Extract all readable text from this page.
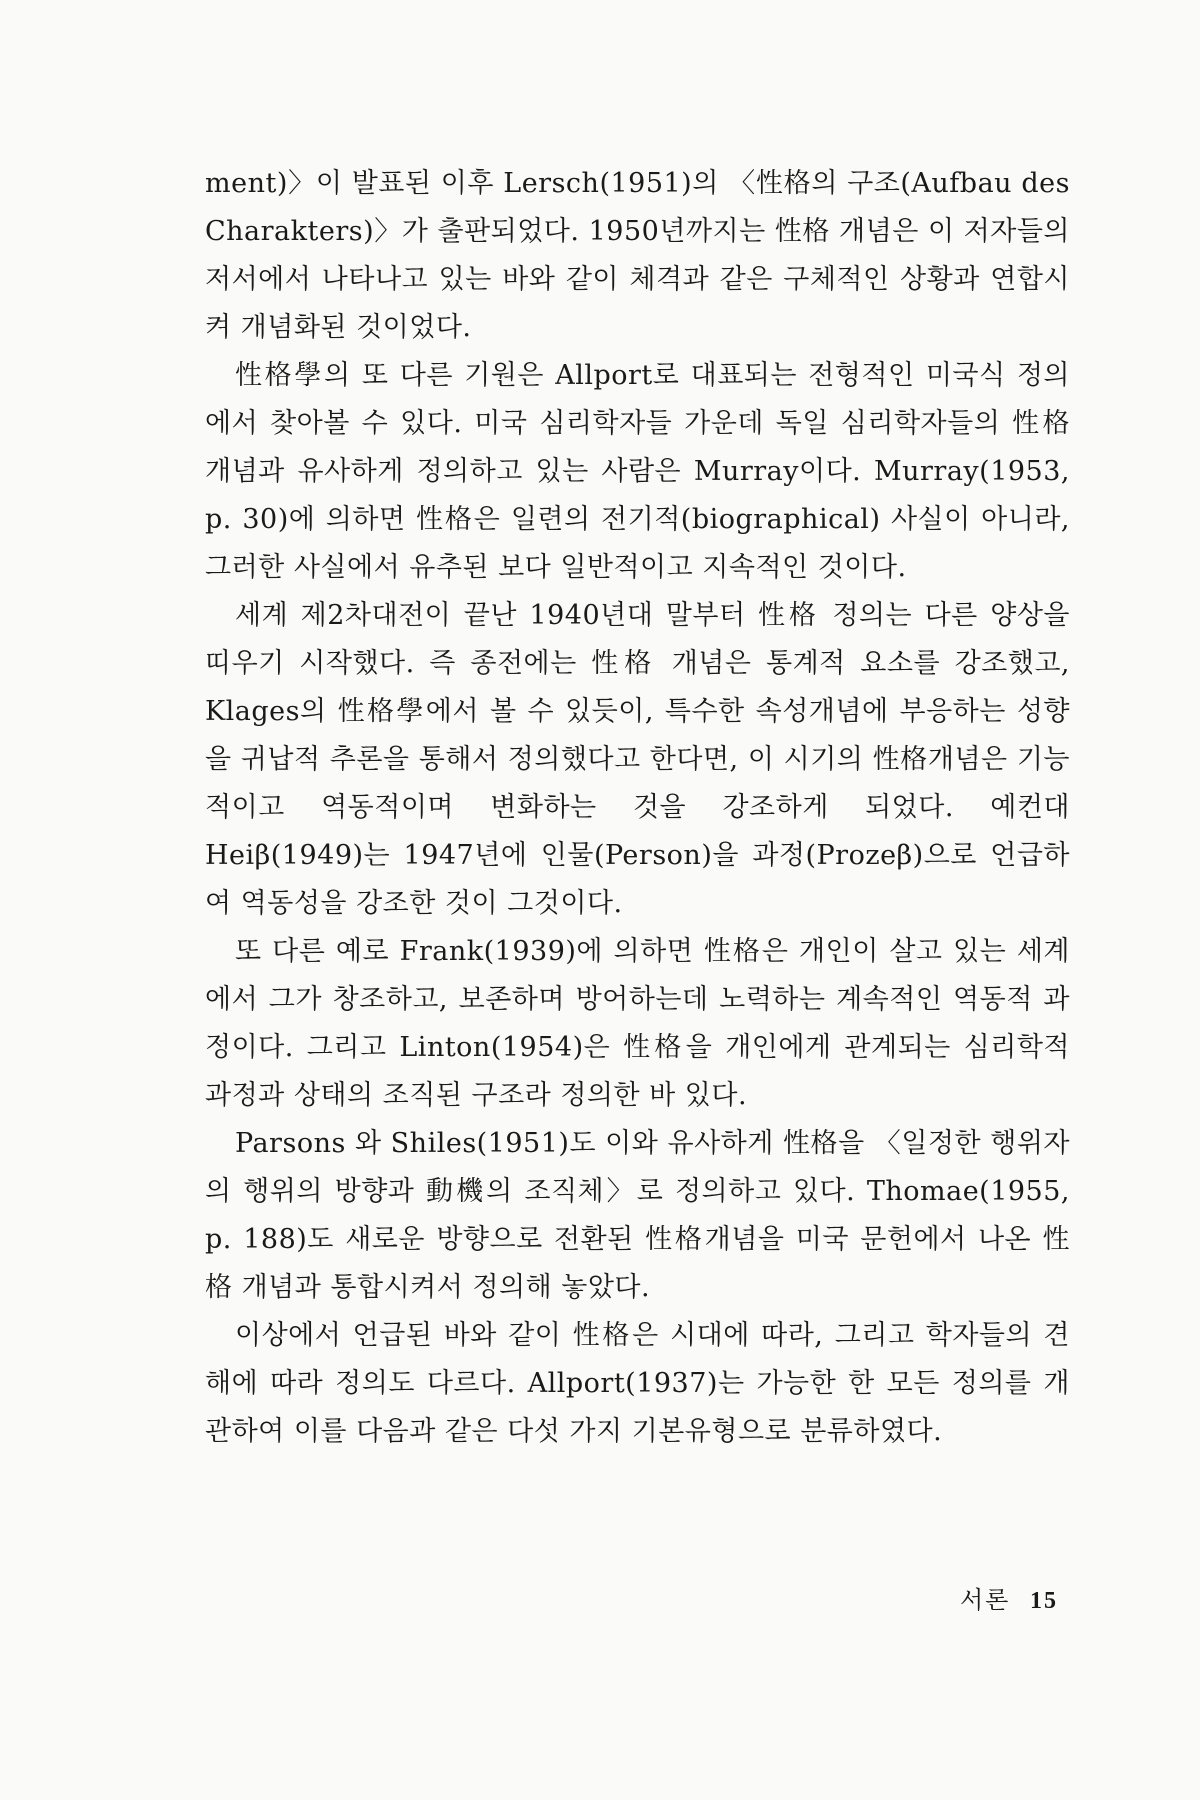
ment)〉이 발표된 이후 Lersch(1951)의 〈性格의 구조(Aufbau des Charakters)〉가 출판되었다. 1950년까지는 性格 개념은 이 저자들의 저서에서 나타나고 있는 바와 같이 체격과 같은 구체적인 상황과 연합시켜 개념화된 것이었다.

性格學의 또 다른 기원은 Allport로 대표되는 전형적인 미국식 정의에서 찾아볼 수 있다. 미국 심리학자들 가운데 독일 심리학자들의 性格 개념과 유사하게 정의하고 있는 사람은 Murray이다. Murray(1953, p. 30)에 의하면 性格은 일련의 전기적(biographical) 사실이 아니라, 그러한 사실에서 유추된 보다 일반적이고 지속적인 것이다.

세계 제2차대전이 끝난 1940년대 말부터 性格 정의는 다른 양상을 띠우기 시작했다. 즉 종전에는 性格 개념은 통계적 요소를 강조했고, Klages의 性格學에서 볼 수 있듯이, 특수한 속성개념에 부응하는 성향을 귀납적 추론을 통해서 정의했다고 한다면, 이 시기의 性格개념은 기능적이고 역동적이며 변화하는 것을 강조하게 되었다. 예컨대 Heiβ(1949)는 1947년에 인물(Person)을 과정(Prozeβ)으로 언급하여 역동성을 강조한 것이 그것이다.

또 다른 예로 Frank(1939)에 의하면 性格은 개인이 살고 있는 세계에서 그가 창조하고, 보존하며 방어하는데 노력하는 계속적인 역동적 과정이다. 그리고 Linton(1954)은 性格을 개인에게 관계되는 심리학적 과정과 상태의 조직된 구조라 정의한 바 있다.

Parsons 와 Shiles(1951)도 이와 유사하게 性格을 〈일정한 행위자의 행위의 방향과 動機의 조직체〉로 정의하고 있다. Thomae(1955, p. 188)도 새로운 방향으로 전환된 性格개념을 미국 문헌에서 나온 性格 개념과 통합시켜서 정의해 놓았다.

이상에서 언급된 바와 같이 性格은 시대에 따라, 그리고 학자들의 견해에 따라 정의도 다르다. Allport(1937)는 가능한 한 모든 정의를 개관하여 이를 다음과 같은 다섯 가지 기본유형으로 분류하였다.

서론 15
